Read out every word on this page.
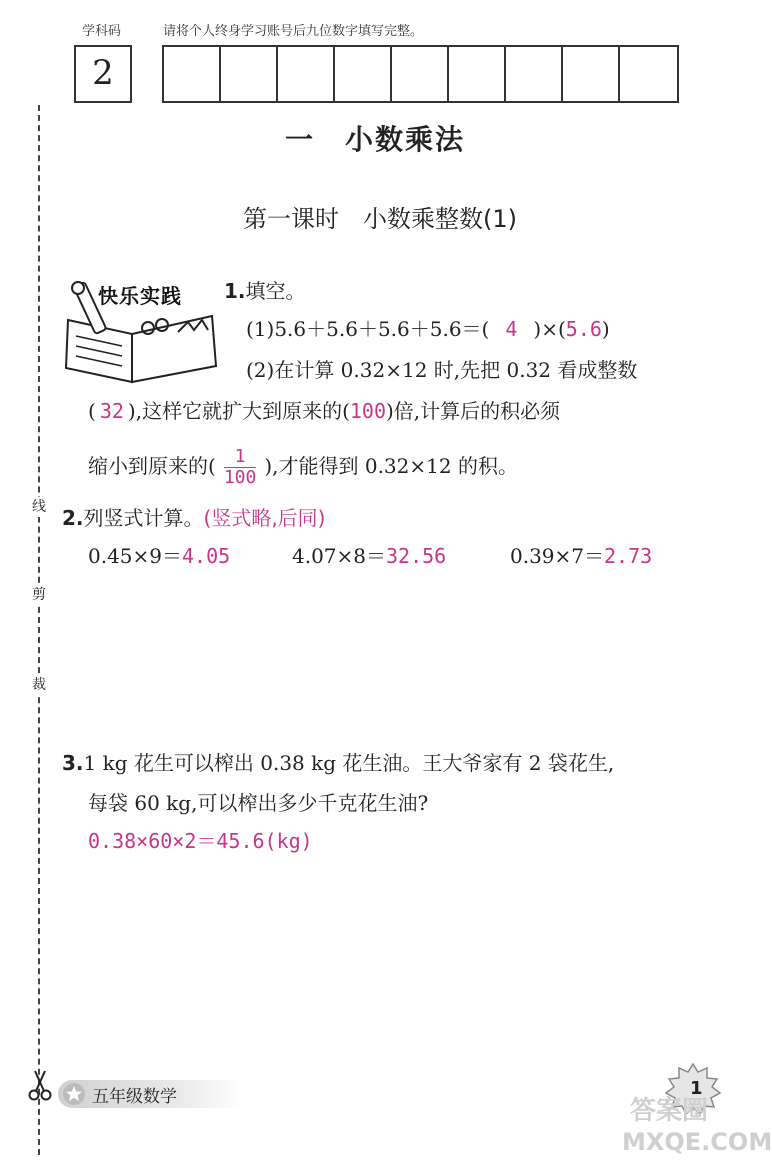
学科码	请将个人终身学习账号后九位数字填写完整。
2
线
剪
裁
一　小数乘法
第一课时　小数乘整数(1)
快乐实践 1.填空。
(1)5.6＋5.6＋5.6＋5.6＝( 4 )×(5.6)
(2)在计算 0.32×12 时,先把 0.32 看成整数
( 32 ),这样它就扩大到原来的(100)倍,计算后的积必须
缩小到原来的( $\frac{1}{100}$ ),才能得到 0.32×12 的积。
2.列竖式计算。(竖式略,后同)
0.45×9＝4.05	4.07×8＝32.56	0.39×7＝2.73
3.1 kg 花生可以榨出 0.38 kg 花生油。王大爷家有 2 袋花生,
每袋 60 kg,可以榨出多少千克花生油?
0.38×60×2＝45.6(kg)
五年级数学	1
答案圈
MXQE.COM
